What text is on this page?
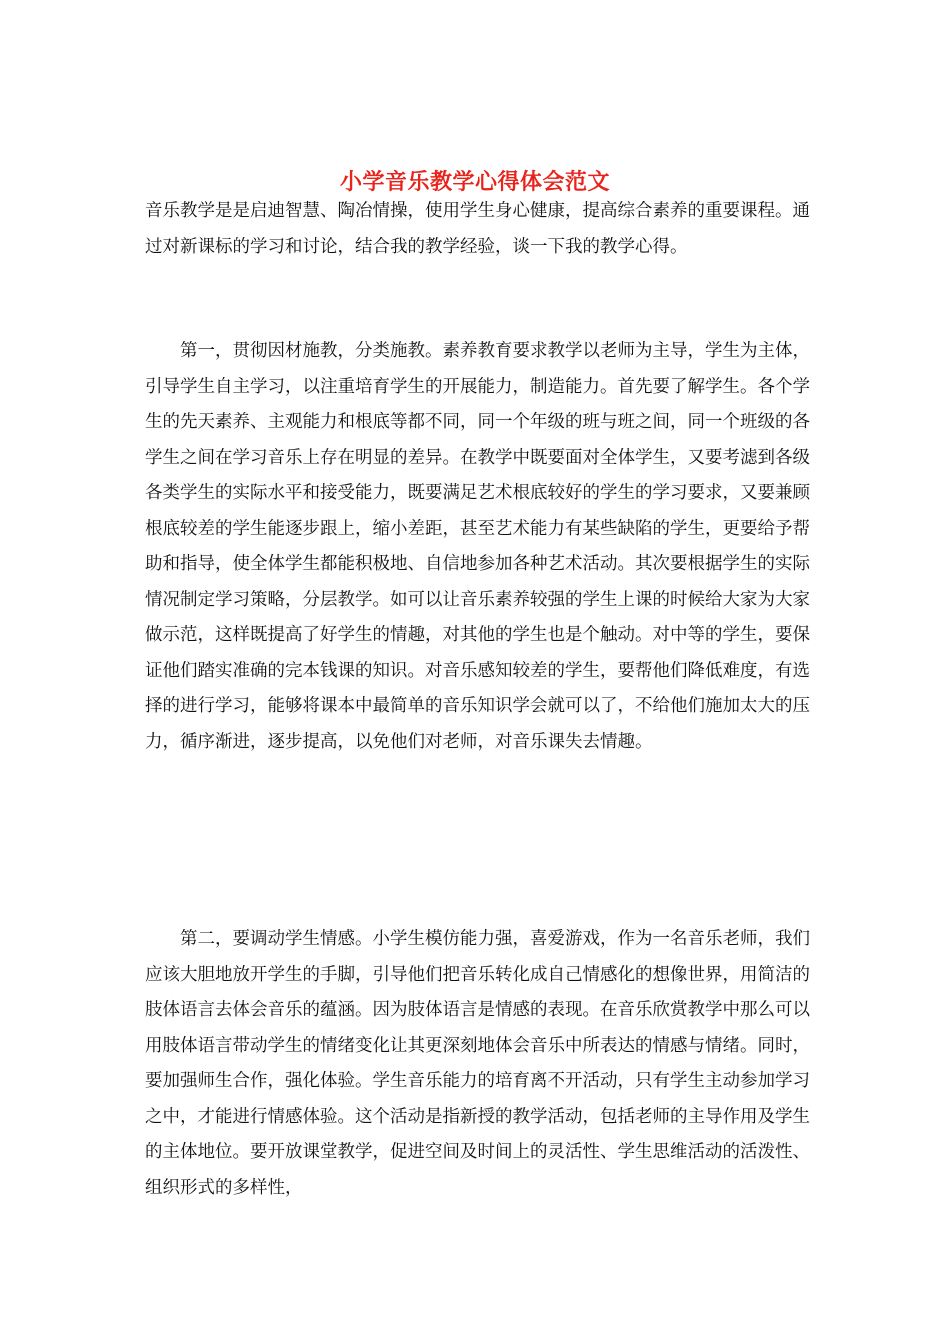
小学音乐教学心得体会范文

音乐教学是是启迪智慧、陶冶情操，使用学生身心健康，提高综合素养的重要课程。通过对新课标的学习和讨论，结合我的教学经验，谈一下我的教学心得。

第一，贯彻因材施教，分类施教。素养教育要求教学以老师为主导，学生为主体，引导学生自主学习，以注重培育学生的开展能力，制造能力。首先要了解学生。各个学生的先天素养、主观能力和根底等都不同，同一个年级的班与班之间，同一个班级的各学生之间在学习音乐上存在明显的差异。在教学中既要面对全体学生，又要考滤到各级各类学生的实际水平和接受能力，既要满足艺术根底较好的学生的学习要求，又要兼顾根底较差的学生能逐步跟上，缩小差距，甚至艺术能力有某些缺陷的学生，更要给予帮助和指导，使全体学生都能积极地、自信地参加各种艺术活动。其次要根据学生的实际情况制定学习策略，分层教学。如可以让音乐素养较强的学生上课的时候给大家为大家做示范，这样既提高了好学生的情趣，对其他的学生也是个触动。对中等的学生，要保证他们踏实准确的完本钱课的知识。对音乐感知较差的学生，要帮他们降低难度，有选择的进行学习，能够将课本中最简单的音乐知识学会就可以了，不给他们施加太大的压力，循序渐进，逐步提高，以免他们对老师，对音乐课失去情趣。

第二，要调动学生情感。小学生模仿能力强，喜爱游戏，作为一名音乐老师，我们应该大胆地放开学生的手脚，引导他们把音乐转化成自己情感化的想像世界，用简洁的肢体语言去体会音乐的蕴涵。因为肢体语言是情感的表现。在音乐欣赏教学中那么可以用肢体语言带动学生的情绪变化让其更深刻地体会音乐中所表达的情感与情绪。同时，要加强师生合作，强化体验。学生音乐能力的培育离不开活动，只有学生主动参加学习之中，才能进行情感体验。这个活动是指新授的教学活动，包括老师的主导作用及学生的主体地位。要开放课堂教学，促进空间及时间上的灵活性、学生思维活动的活泼性、组织形式的多样性，
